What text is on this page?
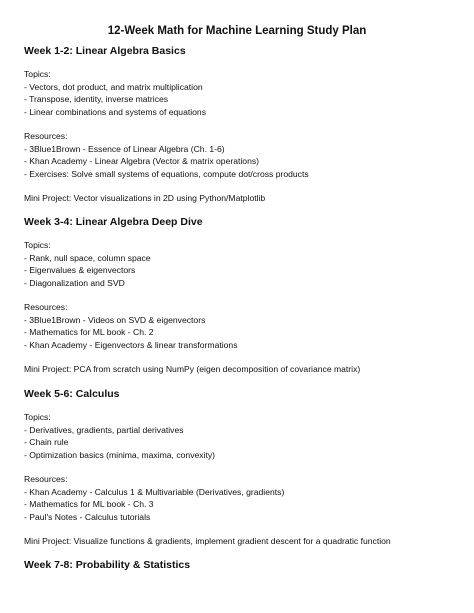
12-Week Math for Machine Learning Study Plan
Week 1-2: Linear Algebra Basics
Topics:
- Vectors, dot product, and matrix multiplication
- Transpose, identity, inverse matrices
- Linear combinations and systems of equations
Resources:
- 3Blue1Brown - Essence of Linear Algebra (Ch. 1-6)
- Khan Academy - Linear Algebra (Vector & matrix operations)
- Exercises: Solve small systems of equations, compute dot/cross products
Mini Project: Vector visualizations in 2D using Python/Matplotlib
Week 3-4: Linear Algebra Deep Dive
Topics:
- Rank, null space, column space
- Eigenvalues & eigenvectors
- Diagonalization and SVD
Resources:
- 3Blue1Brown - Videos on SVD & eigenvectors
- Mathematics for ML book - Ch. 2
- Khan Academy - Eigenvectors & linear transformations
Mini Project: PCA from scratch using NumPy (eigen decomposition of covariance matrix)
Week 5-6: Calculus
Topics:
- Derivatives, gradients, partial derivatives
- Chain rule
- Optimization basics (minima, maxima, convexity)
Resources:
- Khan Academy - Calculus 1 & Multivariable (Derivatives, gradients)
- Mathematics for ML book - Ch. 3
- Paul's Notes - Calculus tutorials
Mini Project: Visualize functions & gradients, implement gradient descent for a quadratic function
Week 7-8: Probability & Statistics
